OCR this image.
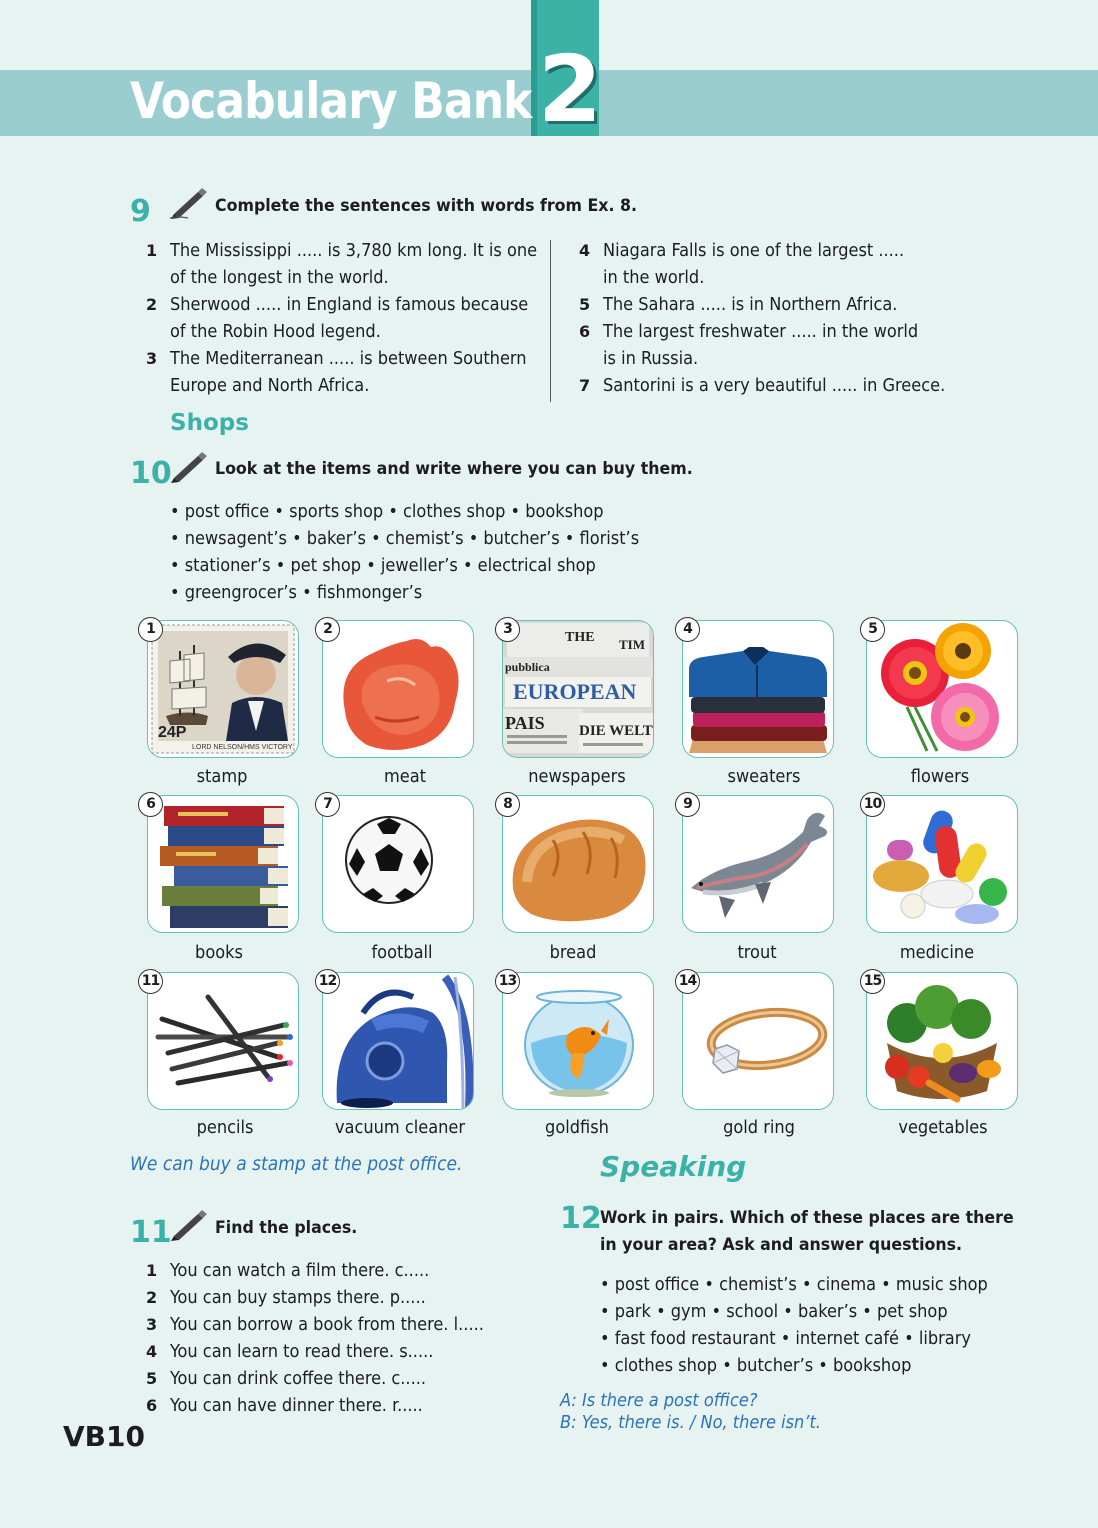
Vocabulary Bank 2
9	Complete the sentences with words from Ex. 8.
1 The Mississippi ..... is 3,780 km long. It is one
of the longest in the world.
2 Sherwood ..... in England is famous because
of the Robin Hood legend.
3 The Mediterranean ..... is between Southern
Europe and North Africa.
4 Niagara Falls is one of the largest .....
in the world.
5 The Sahara ..... is in Northern Africa.
6 The largest freshwater ..... in the world
is in Russia.
7 Santorini is a very beautiful ..... in Greece.
Shops
10	Look at the items and write where you can buy them.
• post office • sports shop • clothes shop • bookshop
• newsagent’s • baker’s • chemist’s • butcher’s • florist’s
• stationer’s • pet shop • jeweller’s • electrical shop
• greengrocer’s • fishmonger’s
24P
LORD NELSON/HMS VICTORY
1
stamp
2
meat
THE TIM
pubblica
EUROPEAN
PAIS DIE WELT
3
newspapers
4
sweaters
5
flowers
6
books
7
football
8
bread
9
trout
10
medicine
11
pencils
12
vacuum cleaner
13
goldfish
14
gold ring
15
vegetables
We can buy a stamp at the post office.
11	Find the places.
1 You can watch a film there. c.....
2 You can buy stamps there. p.....
3 You can borrow a book from there. l.....
4 You can learn to read there. s.....
5 You can drink coffee there. c.....
6 You can have dinner there. r.....
Speaking
12
Work in pairs. Which of these places are there
in your area? Ask and answer questions.
• post office • chemist’s • cinema • music shop
• park • gym • school • baker’s • pet shop
• fast food restaurant • internet café • library
• clothes shop • butcher’s • bookshop
A: Is there a post office?
B: Yes, there is. / No, there isn’t.
VB10
